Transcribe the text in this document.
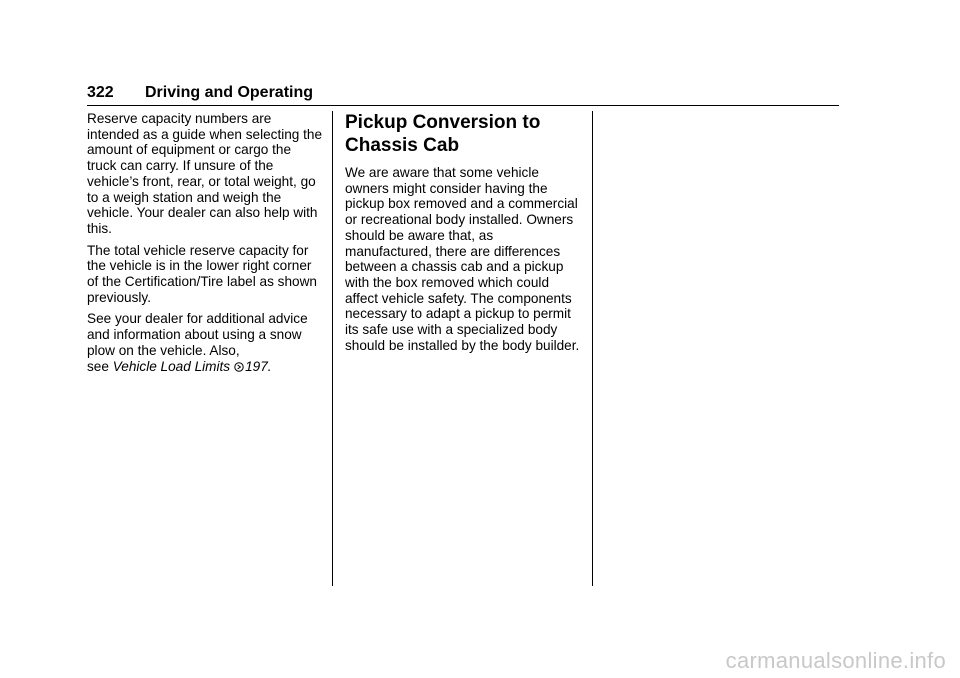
322 Driving and Operating

Reserve capacity numbers are intended as a guide when selecting the amount of equipment or cargo the truck can carry. If unsure of the vehicle’s front, rear, or total weight, go to a weigh station and weigh the vehicle. Your dealer can also help with this.

The total vehicle reserve capacity for the vehicle is in the lower right corner of the Certification/Tire label as shown previously.

See your dealer for additional advice and information about using a snow plow on the vehicle. Also,
see Vehicle Load Limits 197.

Pickup Conversion to Chassis Cab

We are aware that some vehicle owners might consider having the pickup box removed and a commercial or recreational body installed. Owners should be aware that, as manufactured, there are differences between a chassis cab and a pickup with the box removed which could affect vehicle safety. The components necessary to adapt a pickup to permit its safe use with a specialized body should be installed by the body builder.

carmanualsonline.info
